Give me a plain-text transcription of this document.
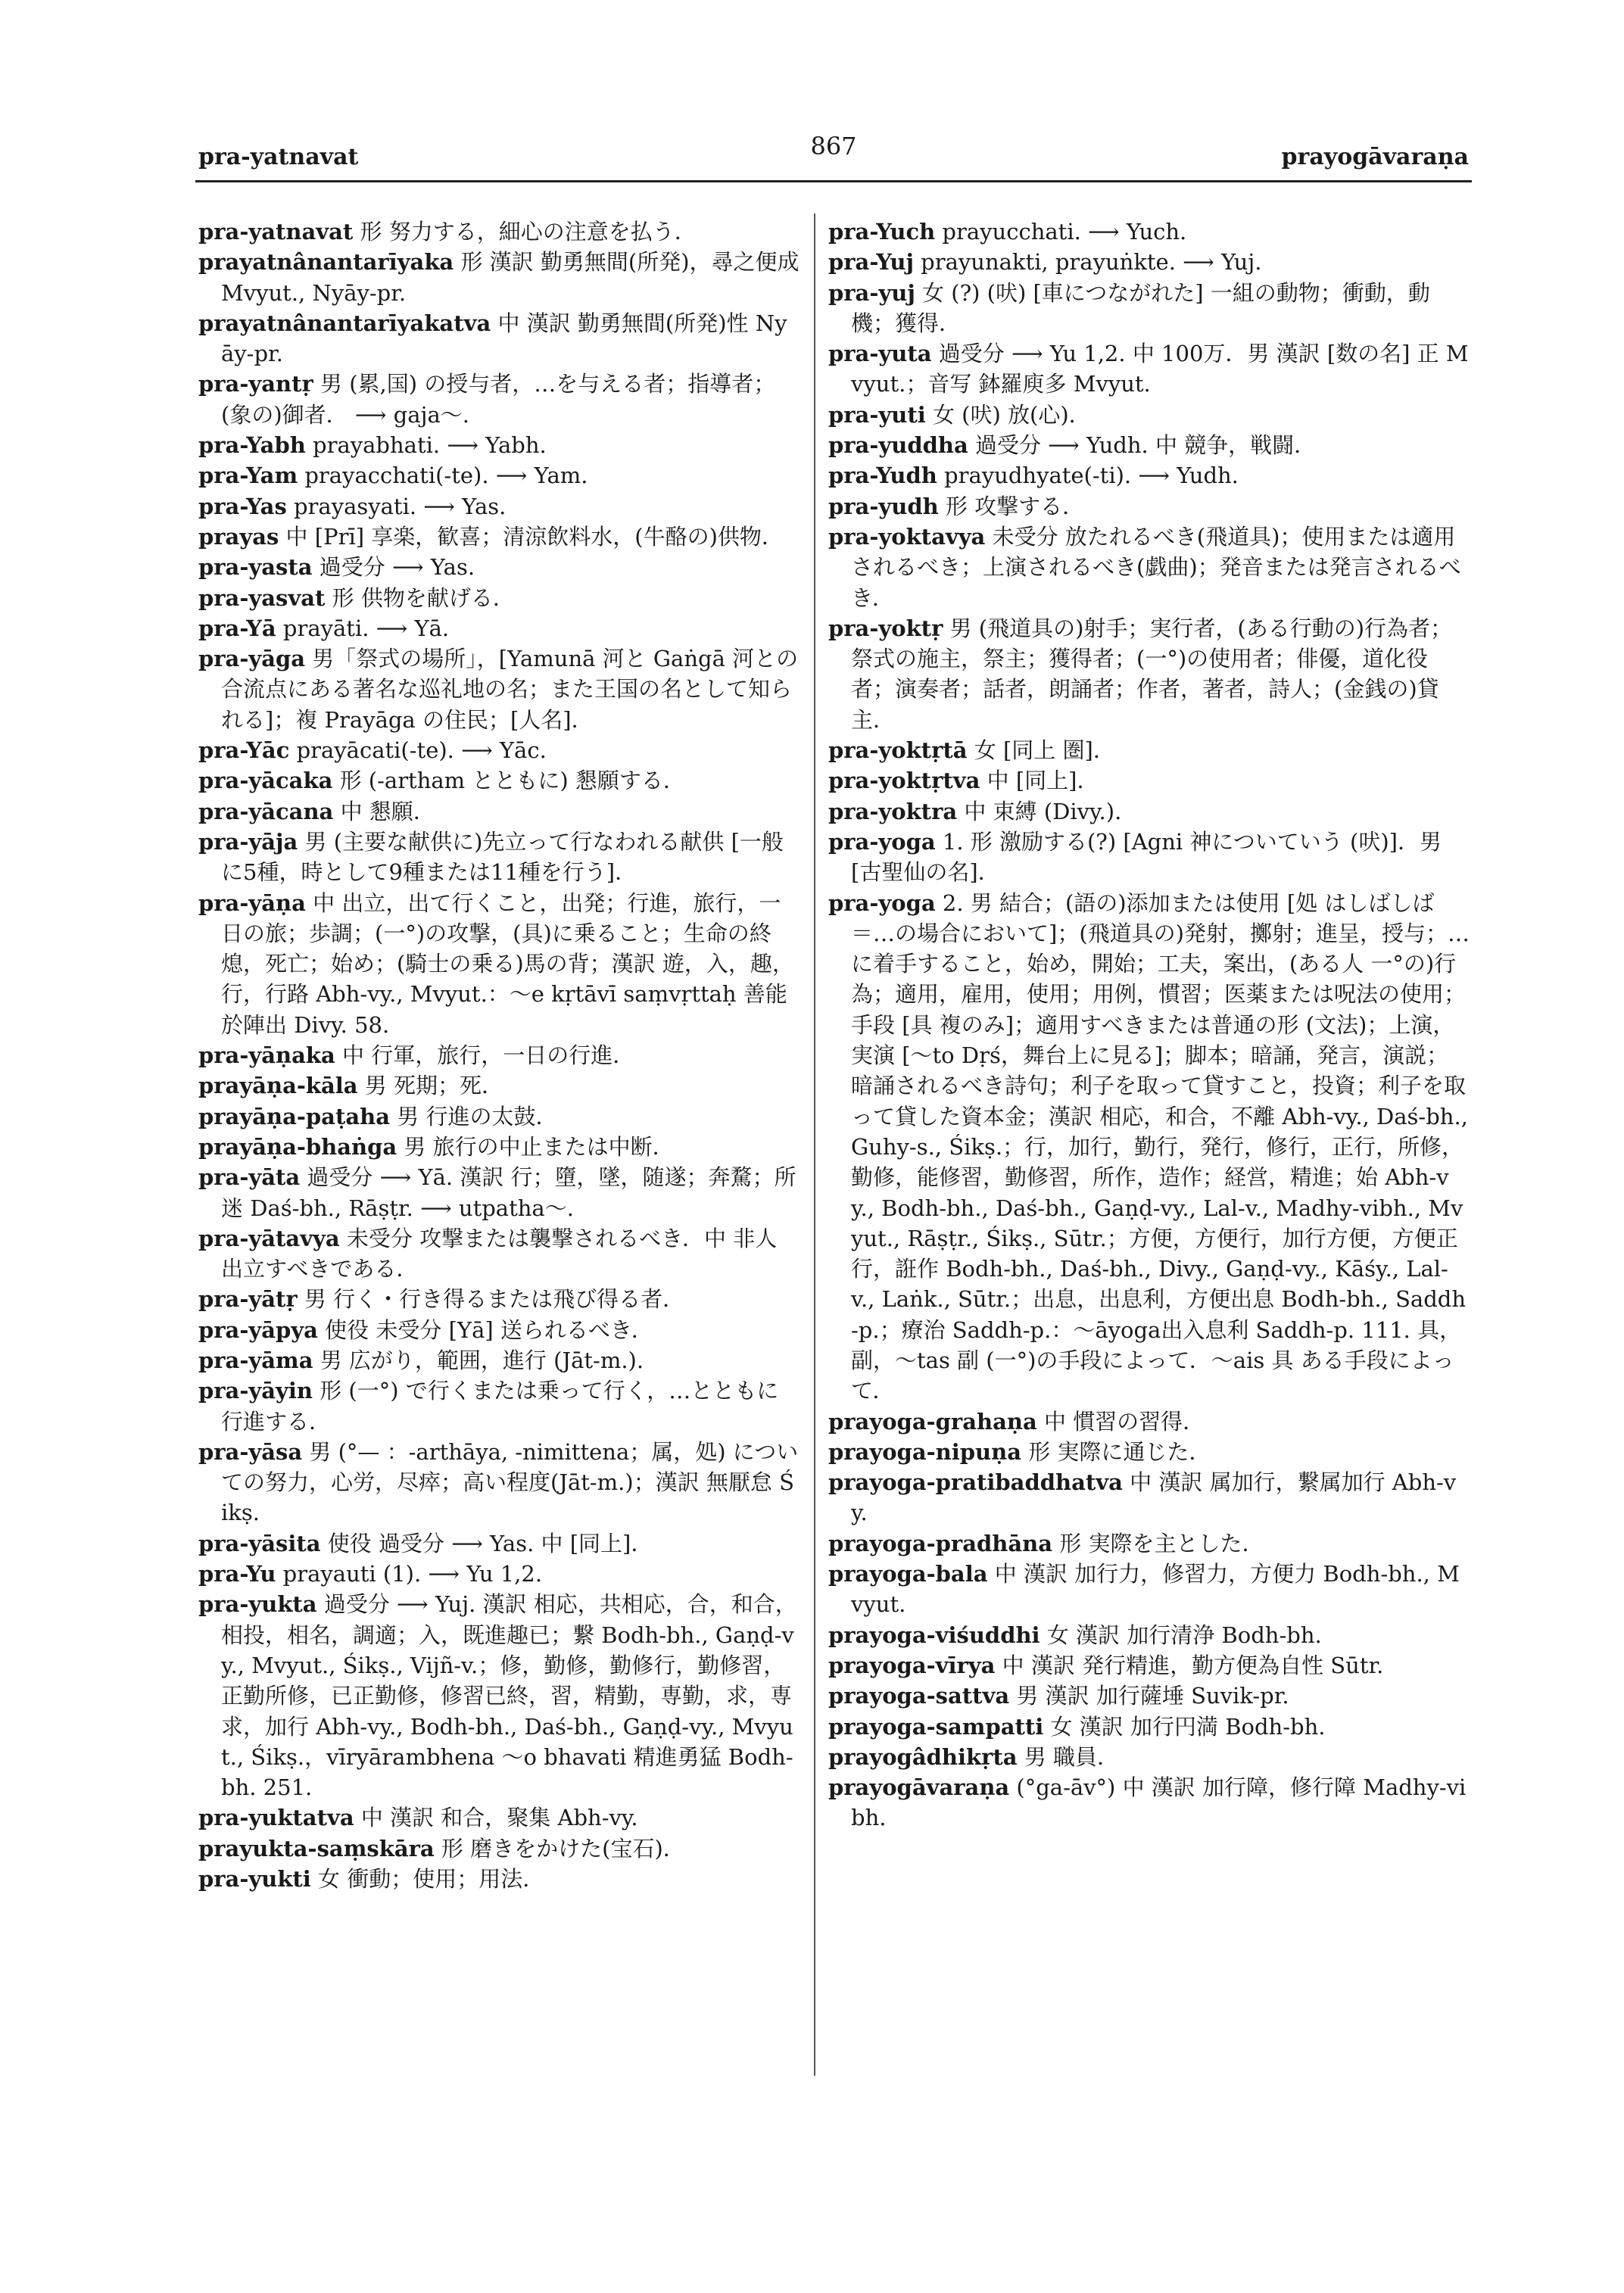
pra-yatnavat	867	prayogāvaraṇa

pra-yatnavat 形 努力する，細心の注意を払う．

prayatnânantarīyaka 形 漢訳 勤勇無間(所発)，尋之便成 Mvyut., Nyāy-pr.

prayatnânantarīyakatva 中 漢訳 勤勇無間(所発)性 Nyāy-pr.

pra-yantṛ 男 (累,国) の授与者，…を与える者；指導者；(象の)御者． ⟶ gaja～.

pra-Yabh prayabhati. ⟶ Yabh.

pra-Yam prayacchati(-te). ⟶ Yam.

pra-Yas prayasyati. ⟶ Yas.

prayas 中 [Prī] 享楽，歓喜；清涼飲料水，(牛酪の)供物．

pra-yasta 過受分 ⟶ Yas.

pra-yasvat 形 供物を献げる．

pra-Yā prayāti. ⟶ Yā.

pra-yāga 男「祭式の場所」，[Yamunā 河と Gaṅgā 河との合流点にある著名な巡礼地の名；また王国の名として知られる]；複 Prayāga の住民；[人名]．

pra-Yāc prayācati(-te). ⟶ Yāc.

pra-yācaka 形 (-artham とともに) 懇願する．

pra-yācana 中 懇願．

pra-yāja 男 (主要な献供に)先立って行なわれる献供 [一般に5種，時として9種または11種を行う]．

pra-yāṇa 中 出立，出て行くこと，出発；行進，旅行，一日の旅；歩調；(一°)の攻撃，(具)に乗ること；生命の終熄，死亡；始め；(騎士の乗る)馬の背；漢訳 遊，入，趣，行，行路 Abh-vy., Mvyut.：～e kṛtāvī saṃvṛttaḥ 善能於陣出 Divy. 58.

pra-yāṇaka 中 行軍，旅行，一日の行進．

prayāṇa-kāla 男 死期；死．

prayāṇa-paṭaha 男 行進の太鼓．

prayāṇa-bhaṅga 男 旅行の中止または中断．

pra-yāta 過受分 ⟶ Yā. 漢訳 行；墮，墜，随遂；奔騖；所迷 Daś-bh., Rāṣṭr. ⟶ utpatha～.

pra-yātavya 未受分 攻撃または襲撃されるべき．中 非人 出立すべきである．

pra-yātṛ 男 行く・行き得るまたは飛び得る者．

pra-yāpya 使役 未受分 [Yā] 送られるべき．

pra-yāma 男 広がり，範囲，進行 (Jāt-m.).

pra-yāyin 形 (一°) で行くまたは乗って行く，…とともに行進する．

pra-yāsa 男 (°— ：-arthāya, -nimittena；属，処) についての努力，心労，尽瘁；高い程度(Jāt-m.)；漢訳 無厭怠 Śikṣ.

pra-yāsita 使役 過受分 ⟶ Yas. 中 [同上]．

pra-Yu prayauti (1). ⟶ Yu 1,2.

pra-yukta 過受分 ⟶ Yuj. 漢訳 相応，共相応，合，和合，相投，相名，調適；入，既進趣已；繋 Bodh-bh., Gaṇḍ-vy., Mvyut., Śikṣ., Vijñ-v.；修，勤修，勤修行，勤修習，正勤所修，已正勤修，修習已終，習，精勤，専勤，求，専求，加行 Abh-vy., Bodh-bh., Daś-bh., Gaṇḍ-vy., Mvyut., Śikṣ.，vīryārambhena ～o bhavati 精進勇猛 Bodh-bh. 251.

pra-yuktatva 中 漢訳 和合，聚集 Abh-vy.

prayukta-saṃskāra 形 磨きをかけた(宝石)．

pra-yukti 女 衝動；使用；用法．

pra-Yuch prayucchati. ⟶ Yuch.

pra-Yuj prayunakti, prayuṅkte. ⟶ Yuj.

pra-yuj 女 (?) (吠) [車につながれた] 一組の動物；衝動，動機；獲得．

pra-yuta 過受分 ⟶ Yu 1,2. 中 100万．男 漢訳 [数の名] 正 Mvyut.；音写 鉢羅庾多 Mvyut.

pra-yuti 女 (吠) 放(心)．

pra-yuddha 過受分 ⟶ Yudh. 中 競争，戦闘．

pra-Yudh prayudhyate(-ti). ⟶ Yudh.

pra-yudh 形 攻撃する．

pra-yoktavya 未受分 放たれるべき(飛道具)；使用または適用されるべき；上演されるべき(戯曲)；発音または発言されるべき．

pra-yoktṛ 男 (飛道具の)射手；実行者，(ある行動の)行為者；祭式の施主，祭主；獲得者；(一°)の使用者；俳優，道化役者；演奏者；話者，朗誦者；作者，著者，詩人；(金銭の)貸主．

pra-yoktṛtā 女 [同上 圏]．

pra-yoktṛtva 中 [同上]．

pra-yoktra 中 束縛 (Divy.).

pra-yoga 1. 形 激励する(?) [Agni 神についていう (吠)]．男 [古聖仙の名]．

pra-yoga 2. 男 結合；(語の)添加または使用 [処 はしばしば＝…の場合において]；(飛道具の)発射，擲射；進呈，授与；…に着手すること，始め，開始；工夫，案出，(ある人 一°の)行為；適用，雇用，使用；用例，慣習；医薬または呪法の使用；手段 [具 複のみ]；適用すべきまたは普通の形 (文法)；上演，実演 [～to Dṛś，舞台上に見る]；脚本；暗誦，発言，演説；暗誦されるべき詩句；利子を取って貸すこと，投資；利子を取って貸した資本金；漢訳 相応，和合，不離 Abh-vy., Daś-bh., Guhy-s., Śikṣ.；行，加行，勤行，発行，修行，正行，所修，勤修，能修習，勤修習，所作，造作；経営，精進；始 Abh-vy., Bodh-bh., Daś-bh., Gaṇḍ-vy., Lal-v., Madhy-vibh., Mvyut., Rāṣṭr., Śikṣ., Sūtr.；方便，方便行，加行方便，方便正行，誑作 Bodh-bh., Daś-bh., Divy., Gaṇḍ-vy., Kāśy., Lal-v., Laṅk., Sūtr.；出息，出息利，方便出息 Bodh-bh., Saddh-p.；療治 Saddh-p.：～āyoga出入息利 Saddh-p. 111. 具，副，～tas 副 (一°)の手段によって．～ais 具 ある手段によって．

prayoga-grahaṇa 中 慣習の習得．

prayoga-nipuṇa 形 実際に通じた．

prayoga-pratibaddhatva 中 漢訳 属加行，繋属加行 Abh-vy.

prayoga-pradhāna 形 実際を主とした．

prayoga-bala 中 漢訳 加行力，修習力，方便力 Bodh-bh., Mvyut.

prayoga-viśuddhi 女 漢訳 加行清浄 Bodh-bh.

prayoga-vīrya 中 漢訳 発行精進，勤方便為自性 Sūtr.

prayoga-sattva 男 漢訳 加行薩埵 Suvik-pr.

prayoga-sampatti 女 漢訳 加行円満 Bodh-bh.

prayogâdhikṛta 男 職員．

prayogāvaraṇa (°ga-āv°) 中 漢訳 加行障，修行障 Madhy-vibh.
